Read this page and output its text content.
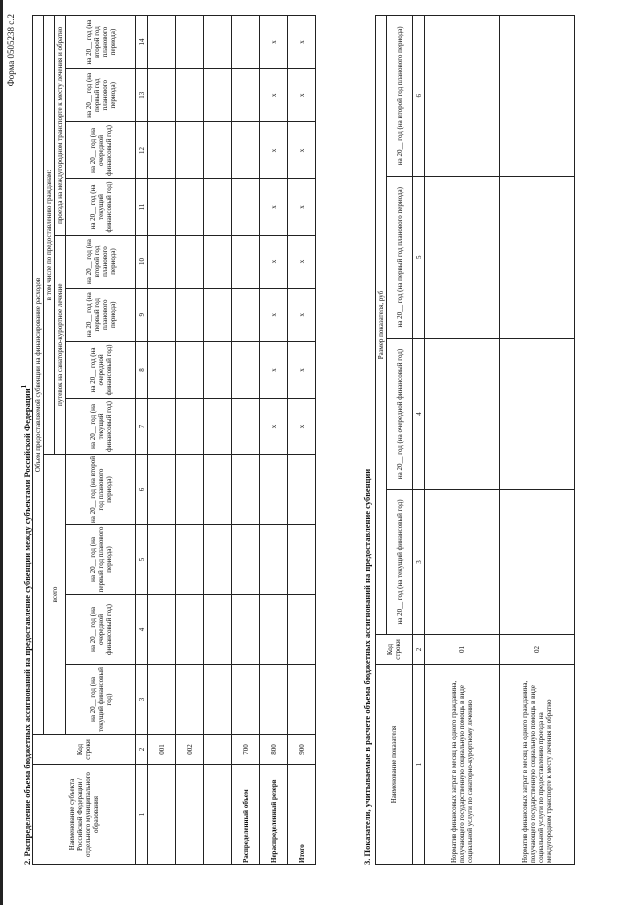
Форма 0505238 с.2
2. Распределение объема бюджетных ассигнований на предоставление субвенции между субъектами Российской Федерации$^1$
Наименование субъекта Российской Федерации / отдельного муниципального образования	Код строки	Объем предоставляемой субвенции на финансирование расходов											
		всего				в том числе по предоставлению гражданам:							
						путевок на санаторно-курортное лечение				проезда на междугородном транспорте к месту лечения и обратно			
		на 20__ год (на текущий финансовый год)	на 20__ год (на очередной финансовый год)	на 20__ год (на первый год планового периода)	на 20__ год (на второй год планового периода)	на 20__ год (на текущий финансовый год)	на 20__ год (на очередной финансовый год)	на 20__ год (на первый год планового периода)	на 20__ год (на второй год планового периода)	на 20__ год (на текущий финансовый год)	на 20__ год (на очередной финансовый год)	на 20__ год (на первый год планового периода)	на 20__ год (на второй год планового периода)
1	2	3	4	5	6	7	8	9	10	11	12	13	14
	001												
	002												

Распределенный объем	700												
Нераспределенный резерв	800					x	x	x	x	x	x	x	x
Итого	900					x	x	x	x	x	x	x	x
3. Показатели, учитываемые в расчете объема бюджетных ассигнований на предоставление субвенции	Наименование показателя	Код строки	Размер показателя, руб			
		на 20__ год (на текущий финансовый год)	на 20__ год (на очередной финансовый год)	на 20__ год (на первый год планового периода)	на 20__ год (на второй год планового периода)
1	2	3	4	5	6
Норматив финансовых затрат в месяц на одного гражданина, получающего государственную социальную помощь в виде социальной услуги по санаторно-курортному лечению	01				
Норматив финансовых затрат в месяц на одного гражданина, получающего государственную социальную помощь в виде социальной услуги по предоставлению проезда на междугородном транспорте к месту лечения и обратно	02				
